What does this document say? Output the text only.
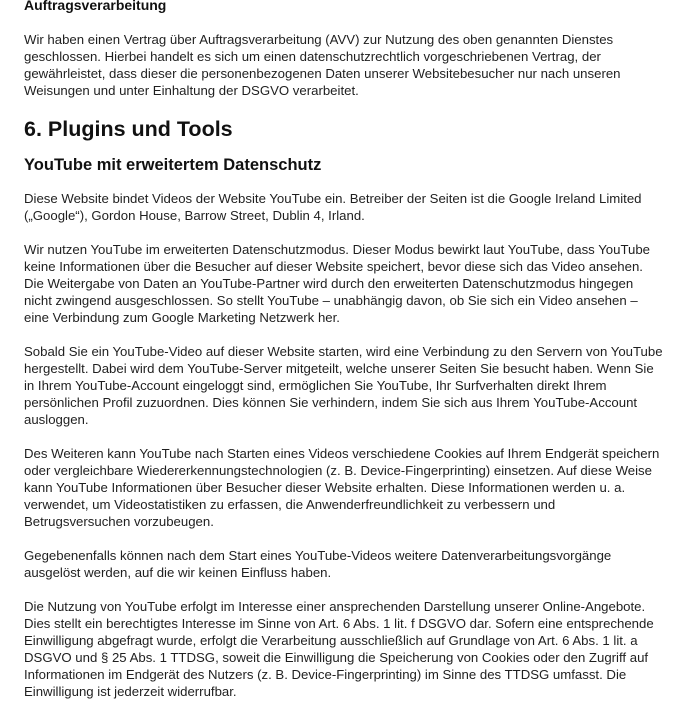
Auftragsverarbeitung

Wir haben einen Vertrag über Auftragsverarbeitung (AVV) zur Nutzung des oben genannten Dienstes geschlossen. Hierbei handelt es sich um einen datenschutzrechtlich vorgeschriebenen Vertrag, der gewährleistet, dass dieser die personenbezogenen Daten unserer Websitebesucher nur nach unseren Weisungen und unter Einhaltung der DSGVO verarbeitet.

6. Plugins und Tools
YouTube mit erweitertem Datenschutz

Diese Website bindet Videos der Website YouTube ein. Betreiber der Seiten ist die Google Ireland Limited („Google“), Gordon House, Barrow Street, Dublin 4, Irland.

Wir nutzen YouTube im erweiterten Datenschutzmodus. Dieser Modus bewirkt laut YouTube, dass YouTube keine Informationen über die Besucher auf dieser Website speichert, bevor diese sich das Video ansehen. Die Weitergabe von Daten an YouTube-Partner wird durch den erweiterten Datenschutzmodus hingegen nicht zwingend ausgeschlossen. So stellt YouTube – unabhängig davon, ob Sie sich ein Video ansehen – eine Verbindung zum Google Marketing Netzwerk her.

Sobald Sie ein YouTube-Video auf dieser Website starten, wird eine Verbindung zu den Servern von YouTube hergestellt. Dabei wird dem YouTube-Server mitgeteilt, welche unserer Seiten Sie besucht haben. Wenn Sie in Ihrem YouTube-Account eingeloggt sind, ermöglichen Sie YouTube, Ihr Surfverhalten direkt Ihrem persönlichen Profil zuzuordnen. Dies können Sie verhindern, indem Sie sich aus Ihrem YouTube-Account ausloggen.

Des Weiteren kann YouTube nach Starten eines Videos verschiedene Cookies auf Ihrem Endgerät speichern oder vergleichbare Wiedererkennungstechnologien (z. B. Device-Fingerprinting) einsetzen. Auf diese Weise kann YouTube Informationen über Besucher dieser Website erhalten. Diese Informationen werden u. a. verwendet, um Videostatistiken zu erfassen, die Anwenderfreundlichkeit zu verbessern und Betrugsversuchen vorzubeugen.

Gegebenenfalls können nach dem Start eines YouTube-Videos weitere Datenverarbeitungsvorgänge ausgelöst werden, auf die wir keinen Einfluss haben.

Die Nutzung von YouTube erfolgt im Interesse einer ansprechenden Darstellung unserer Online-Angebote. Dies stellt ein berechtigtes Interesse im Sinne von Art. 6 Abs. 1 lit. f DSGVO dar. Sofern eine entsprechende Einwilligung abgefragt wurde, erfolgt die Verarbeitung ausschließlich auf Grundlage von Art. 6 Abs. 1 lit. a DSGVO und § 25 Abs. 1 TTDSG, soweit die Einwilligung die Speicherung von Cookies oder den Zugriff auf Informationen im Endgerät des Nutzers (z. B. Device-Fingerprinting) im Sinne des TTDSG umfasst. Die Einwilligung ist jederzeit widerrufbar.
